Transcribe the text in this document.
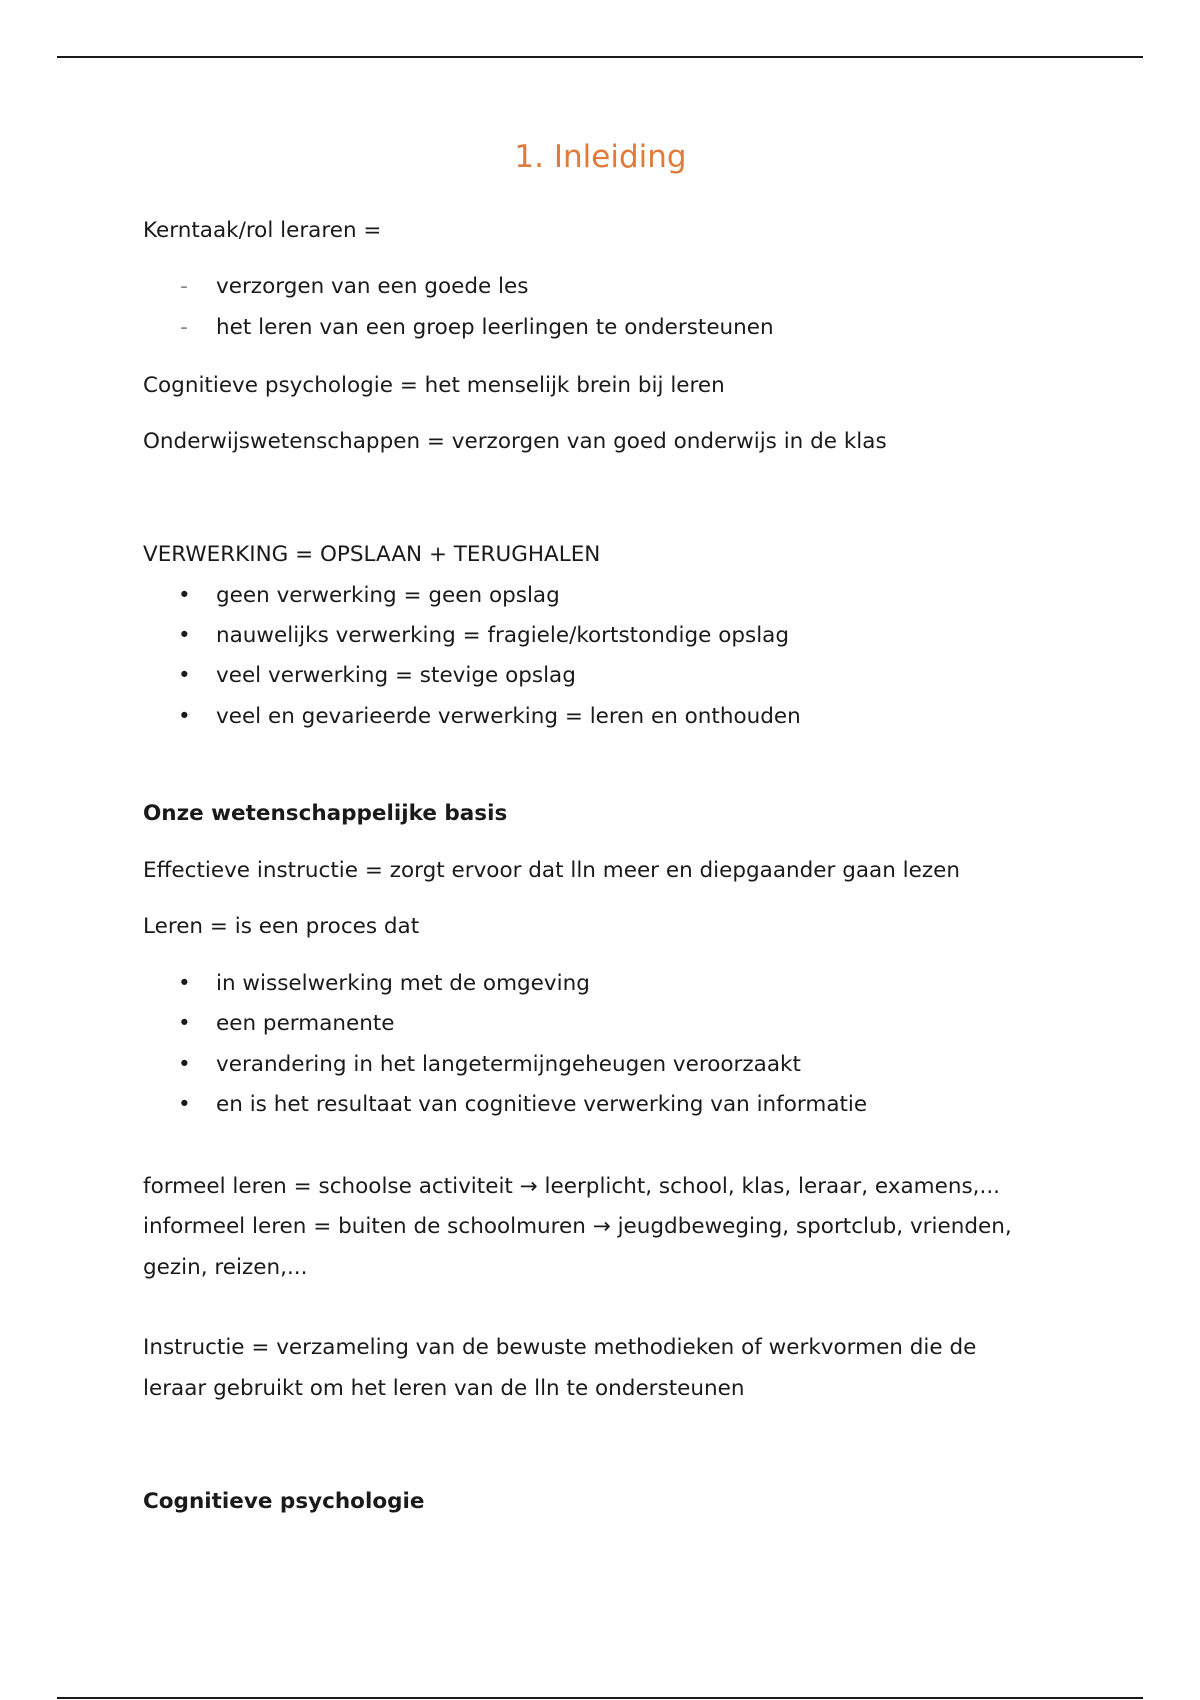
1. Inleiding
Kerntaak/rol leraren =
- verzorgen van een goede les
- het leren van een groep leerlingen te ondersteunen
Cognitieve psychologie = het menselijk brein bij leren
Onderwijswetenschappen = verzorgen van goed onderwijs in de klas
VERWERKING = OPSLAAN + TERUGHALEN
• geen verwerking = geen opslag
• nauwelijks verwerking = fragiele/kortstondige opslag
• veel verwerking = stevige opslag
• veel en gevarieerde verwerking = leren en onthouden
Onze wetenschappelijke basis
Effectieve instructie = zorgt ervoor dat lln meer en diepgaander gaan lezen
Leren = is een proces dat
• in wisselwerking met de omgeving
• een permanente
• verandering in het langetermijngeheugen veroorzaakt
• en is het resultaat van cognitieve verwerking van informatie
formeel leren = schoolse activiteit → leerplicht, school, klas, leraar, examens,...
informeel leren = buiten de schoolmuren → jeugdbeweging, sportclub, vrienden,
gezin, reizen,...
Instructie = verzameling van de bewuste methodieken of werkvormen die de
leraar gebruikt om het leren van de lln te ondersteunen
Cognitieve psychologie
